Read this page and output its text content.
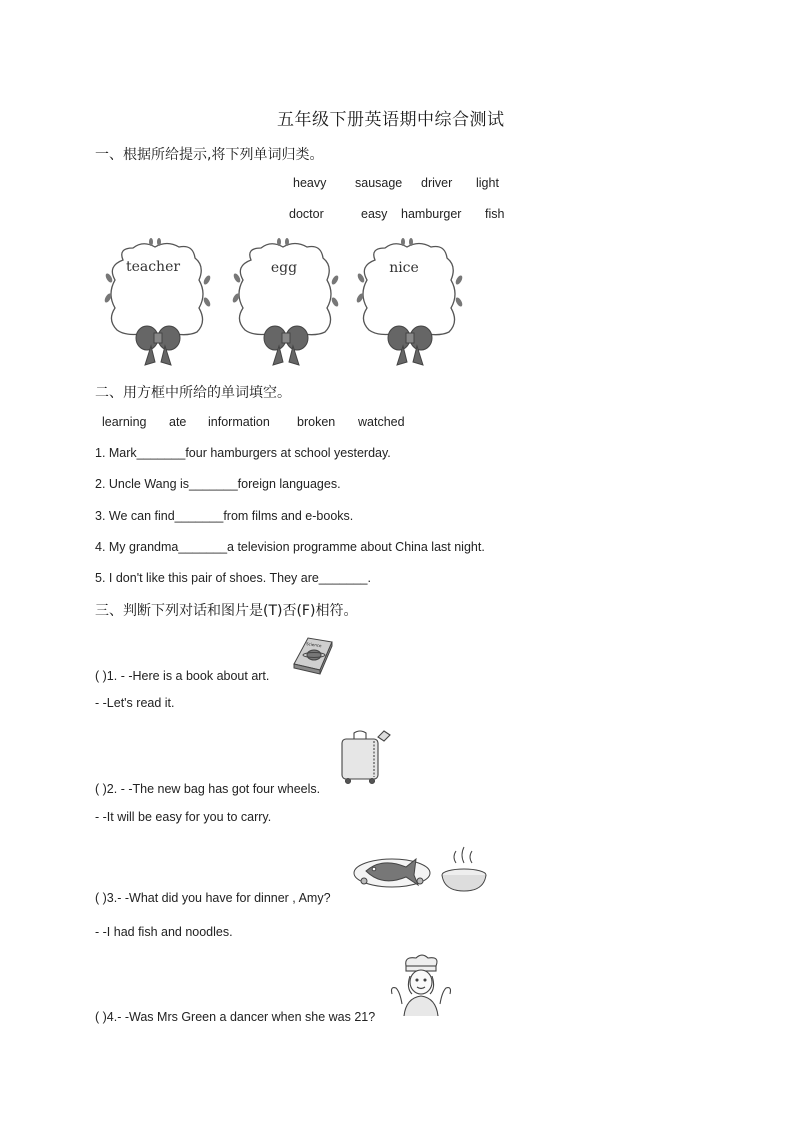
五年级下册英语期中综合测试
一、根据所给提示,将下列单词归类。
heavy sausage driver light
doctor	easy hamburger fish
teacher	egg	nice
二、用方框中所给的单词填空。
learning ate information broken watched
1. Mark_______four hamburgers at school yesterday.
2. Uncle Wang is_______foreign languages.
3. We can find_______from films and e-books.
4. My grandma_______a television programme about China last night.
5. I don't like this pair of shoes. They are_______.
三、判断下列对话和图片是(T)否(F)相符。
Science
( )1. - -Here is a book about art.
- -Let's read it.
( )2. - -The new bag has got four wheels.
- -It will be easy for you to carry.
( )3.- -What did you have for dinner , Amy?
- -I had fish and noodles.
( )4.- -Was Mrs Green a dancer when she was 21?
